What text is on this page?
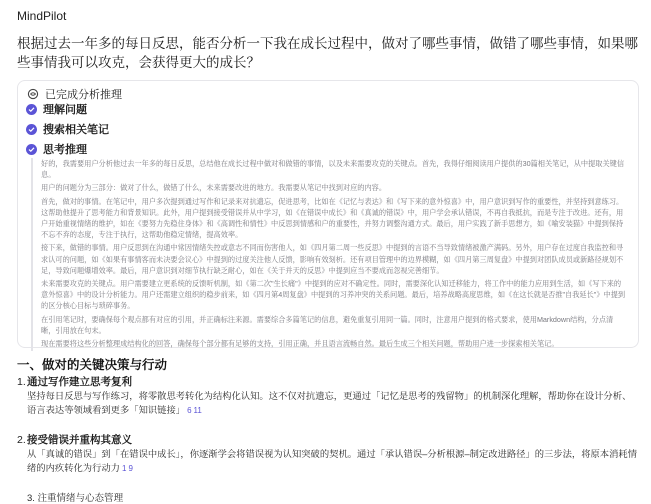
MindPilot
根据过去一年多的每日反思，能否分析一下我在成长过程中，做对了哪些事情，做错了哪些事情，如果哪些事情我可以攻克，会获得更大的成长？
已完成分析推理
理解问题
搜索相关笔记
思考推理

好的，我需要用户分析他过去一年多的每日反思，总结他在成长过程中做对和做错的事情，以及未来需要攻克的关键点。首先，我得仔细阅读用户提供的30篇相关笔记，从中提取关键信息。

用户的问题分为三部分：做对了什么，做错了什么，未来需要改进的地方。我需要从笔记中找到对应的内容。

首先，做对的事情。在笔记中，用户多次提到通过写作和记录来对抗遗忘，促进思考，比如在《记忆与表达》和《写下来的意外惊喜》中，用户意识到写作的重要性，并坚持到意练习。这帮助他提升了思考能力和背景知识。此外，用户提到接受错误并从中学习，如《在错误中成长》和《真诚的错误》中，用户学会承认错误，不再自我抵抗，而是专注于改进。还有，用户开始重视情绪的维护，如在《要努力先稳住身体》和《高调性和情性》中反思到情感和户的重要性，并努力调整沟通方式。最后，用户实践了新手思想方，如《喻安装猫》中提到保持不忘不弃的态度，专注于执行，这帮助他稳定情绪，提高效率。

接下来，做错的事情。用户反思到在沟通中常因情绪失控或意志不同而伤害他人，如《四月第二周一些反思》中提到的言语不当导致情绪被激产满码。另外，用户存在过度自我监控和寻求认可的问题，如《如果有事情客而未决要会议心》中提到的过度关注他人反馈，影响有效刻析。还有项目管理中的边界模糊，如《四月第三周复盘》中提到对团队成员或新路径规划不足，导致问题爆增效率。最后，用户意识到对细节执行缺乏耐心，如在《关于并天的反思》中提到应当不要成而忽视完善细节。

未来需要攻克的关键点。用户需要建立更系统的反馈听机制，如《第二次"生长痛"》中提到的应对不确定性。同时，需要深化认知迁移能力，将工作中的能力应用到生活，如《写下来的意外惊喜》中的设计分析能力。用户还需建立组织的稳步前来，如《四月第4周复盘》中提到的习养冲突的关系问题。最后，培养战略高度思维，如《在这长就是否推"自我延长"》中提到的区分核心目标与琐碎事务。

在引用笔记时，要确保每个观点都有对应的引用，并正确标注来源。需要综合多篇笔记的信息，避免重复引用同一篇。同时，注意用户提到的格式要求，使用Markdown结构，分点清晰，引用放在句末。

现在需要将这些分析整理成结构化的回答，确保每个部分都有足够的支持，引用正确，并且语言流畅自然。最后生成三个相关问题，帮助用户进一步探索相关笔记。

一、做对的关键决策与行动
1. 通过写作建立思考复利
坚持每日反思与写作练习，将零散思考转化为结构化认知。这不仅对抗遗忘，更通过「记忆是思考的残留物」的机制深化理解，帮助你在设计分析、语言表达等领域看到更多「知识链接」 6 11
2. 接受错误并重构其意义
从「真诚的错误」到「在错误中成长」，你逐渐学会将错误视为认知突破的契机。通过「承认错误–分析根源–制定改进路径」的三步法，将原本消耗情绪的内疚转化为行动力 1 9
3. 注重情绪与心态管理
